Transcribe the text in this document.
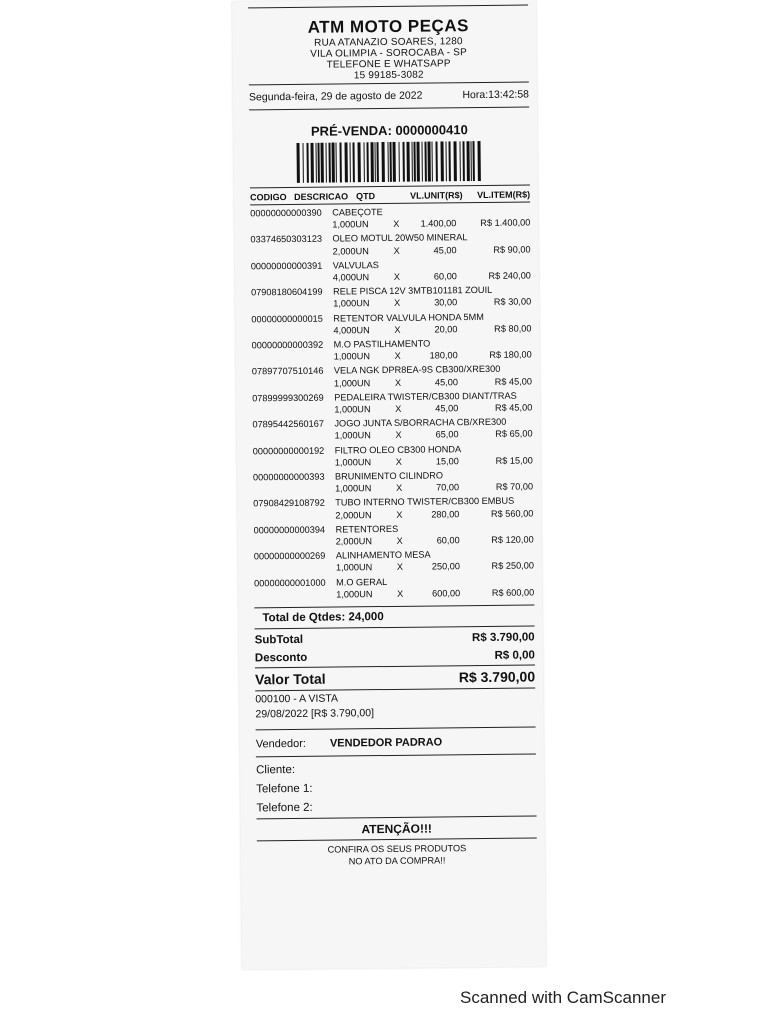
ATM MOTO PEÇAS
RUA ATANAZIO SOARES, 1280
VILA OLIMPIA - SOROCABA - SP
TELEFONE E WHATSAPP
15 99185-3082
Segunda-feira, 29 de agosto de 2022	Hora:13:42:58
PRÉ-VENDA: 0000000410
CODIGO DESCRICAO QTD	VL.UNIT(R$)	VL.ITEM(R$)
00000000000390	CABEÇOTE
1,000UN	X	1.400,00	R$ 1.400,00
03374650303123	OLEO MOTUL 20W50 MINERAL
2,000UN	X	45,00	R$ 90,00
00000000000391	VALVULAS
4,000UN	X	60,00	R$ 240,00
07908180604199	RELE PISCA 12V 3MTB101181 ZOUIL
1,000UN	X	30,00	R$ 30,00
00000000000015	RETENTOR VALVULA HONDA 5MM
4,000UN	X	20,00	R$ 80,00
00000000000392	M.O PASTILHAMENTO
1,000UN	X	180,00	R$ 180,00
07897707510146	VELA NGK DPR8EA-9S CB300/XRE300
1,000UN	X	45,00	R$ 45,00
07899999300269	PEDALEIRA TWISTER/CB300 DIANT/TRAS
1,000UN	X	45,00	R$ 45,00
07895442560167	JOGO JUNTA S/BORRACHA CB/XRE300
1,000UN	X	65,00	R$ 65,00
00000000000192	FILTRO OLEO CB300 HONDA
1,000UN	X	15,00	R$ 15,00
00000000000393	BRUNIMENTO CILINDRO
1,000UN	X	70,00	R$ 70,00
07908429108792	TUBO INTERNO TWISTER/CB300 EMBUS
2,000UN	X	280,00	R$ 560,00
00000000000394	RETENTORES
2,000UN	X	60,00	R$ 120,00
00000000000269	ALINHAMENTO MESA
1,000UN	X	250,00	R$ 250,00
00000000001000	M.O GERAL
1,000UN	X	600,00	R$ 600,00
Total de Qtdes: 24,000
SubTotal	R$ 3.790,00
Desconto	R$ 0,00
Valor Total	R$ 3.790,00
000100 - A VISTA
29/08/2022 [R$ 3.790,00]
Vendedor: VENDEDOR PADRAO
Cliente:
Telefone 1:
Telefone 2:
ATENÇÃO!!!
CONFIRA OS SEUS PRODUTOS
NO ATO DA COMPRA!!
Scanned with CamScanner
